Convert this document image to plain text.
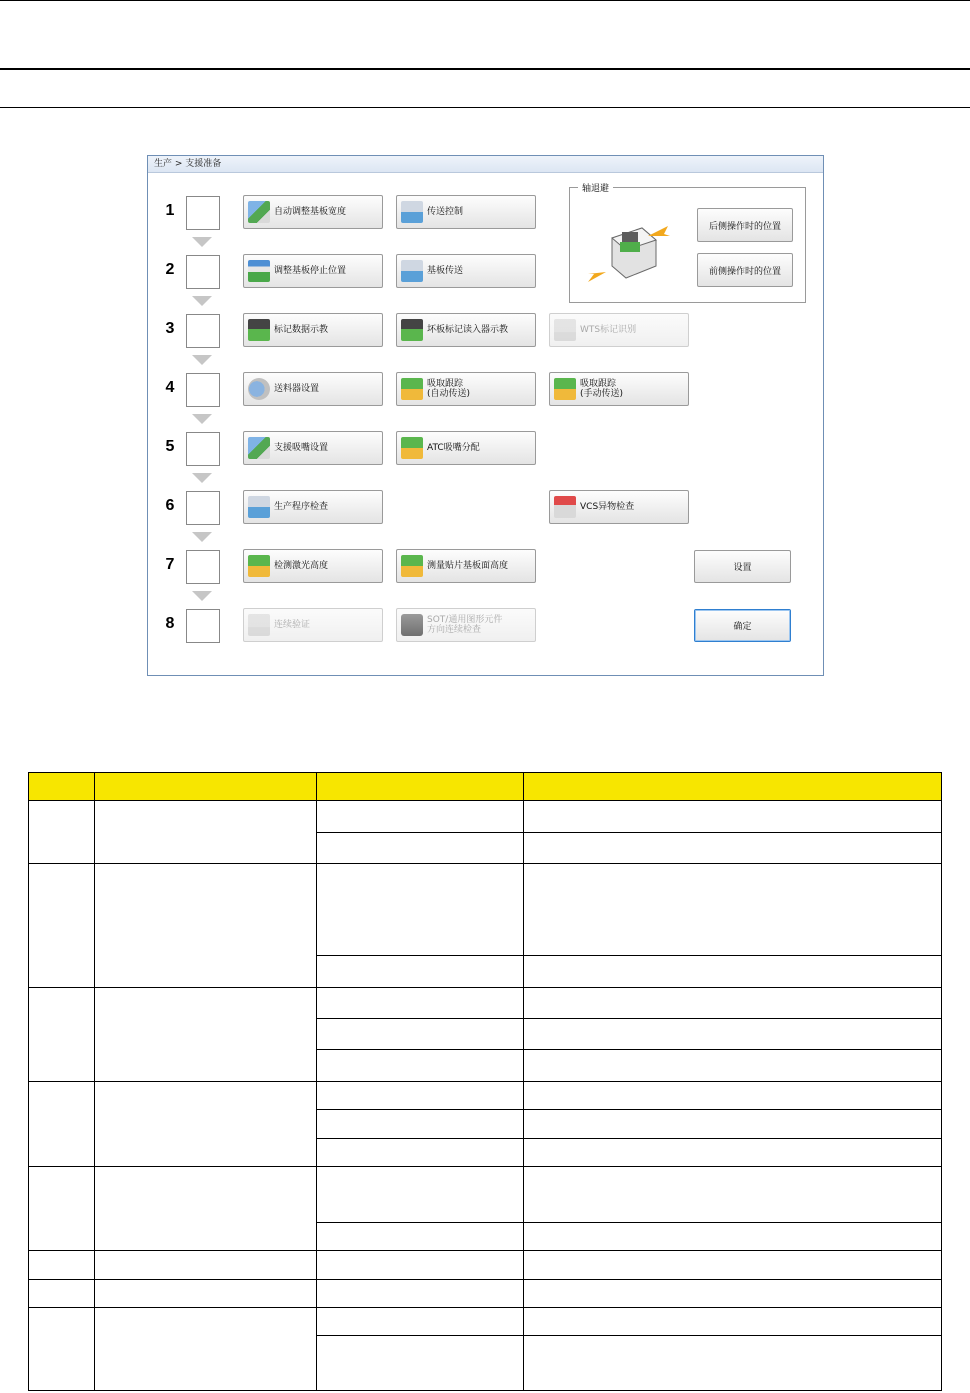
生产 > 支援准备
1	自动调整基板宽度	传送控制
2	调整基板停止位置	基板传送
3	标记数据示教	坏板标记读入器示教	WTS标记识别
4	送料器设置	吸取跟踪
(自动传送)
吸取跟踪
(手动传送)
5	支援吸嘴设置	ATC吸嘴分配
6	生产程序检查	VCS异物检查
7	检测激光高度	测量贴片基板面高度
8	连续验证	SOT/通用图形元件
方向连续检查
轴退避
后侧操作时的位置
前侧操作时的位置
设置
确定
